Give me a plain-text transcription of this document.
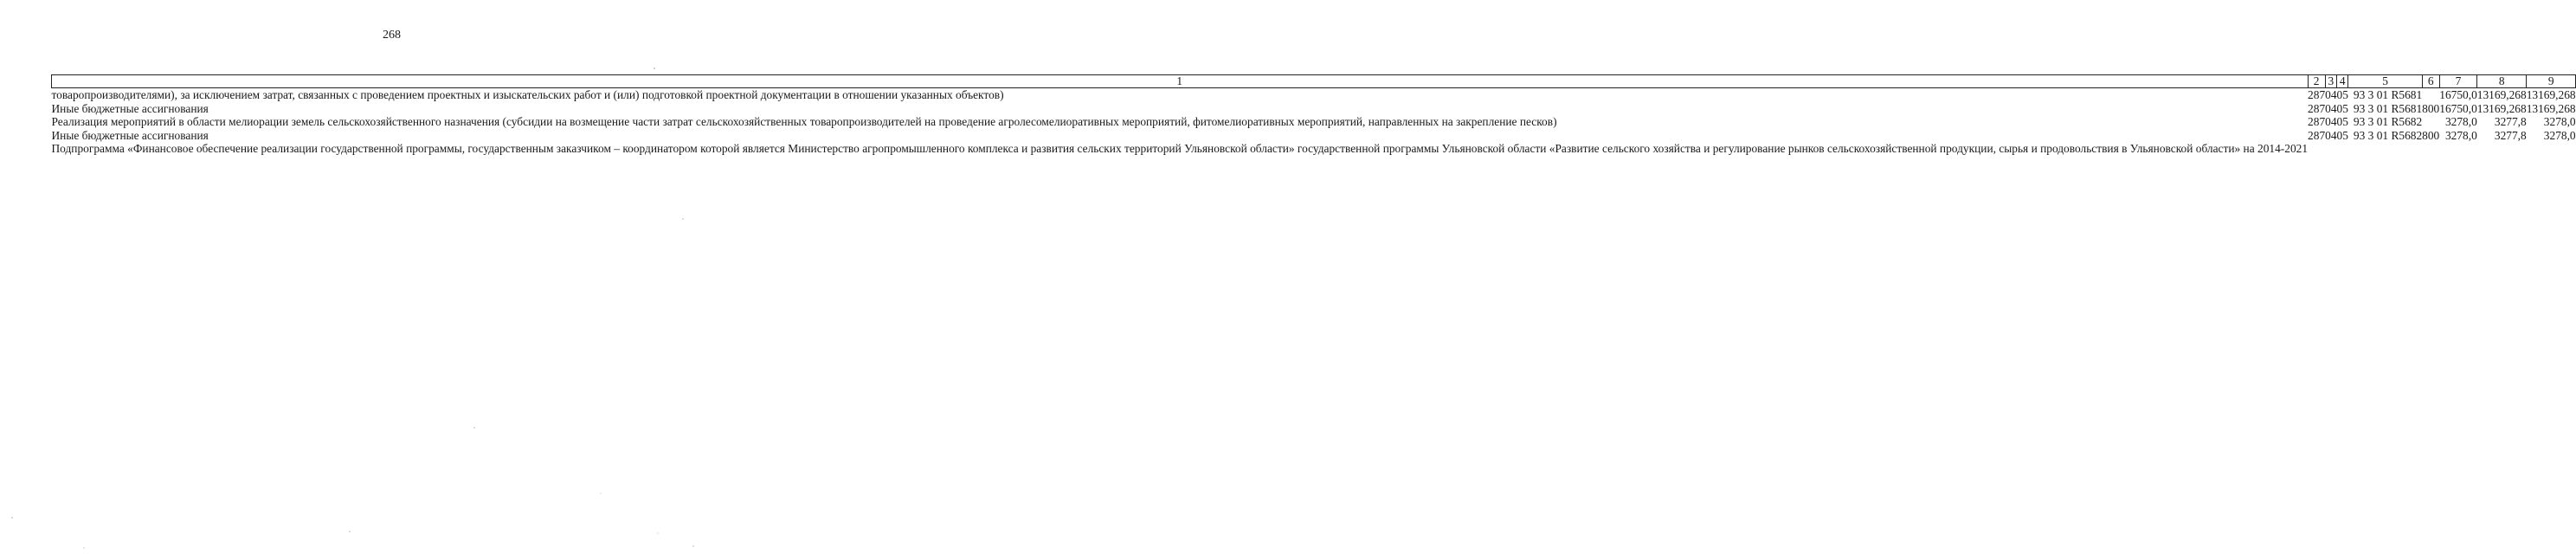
268
1	2	3	4	5	6	7	8	9
товаропроизводителями), за исключением затрат, связанных с проведением проектных и изыскательских работ и (или) подготовкой проектной документации в отношении указанных объектов)	287	04	05	93 3 01 R5681		16750,0	13169,268	13169,268
Иные бюджетные ассигнования	287	04	05	93 3 01 R5681	800	16750,0	13169,268	13169,268
Реализация мероприятий в области мелиорации земель сельскохозяйственного назначения (субсидии на возмещение части затрат сельскохозяйственных товаропроизводителей на проведение агролесомелиоративных мероприятий, фитомелиоративных мероприятий, направленных на закрепление песков)	287	04	05	93 3 01 R5682		3278,0	3277,8	3278,0
Иные бюджетные ассигнования	287	04	05	93 3 01 R5682	800	3278,0	3277,8	3278,0
Подпрограмма «Финансовое обеспечение реализации государственной программы, государственным заказчиком – координатором которой является Министерство агропромышленного комплекса и развития сельских территорий Ульяновской области» государственной программы Ульяновской области «Развитие сельского хозяйства и регулирование рынков сельскохозяйственной продукции, сырья и продовольствия в Ульяновской области» на 2014-2021								
